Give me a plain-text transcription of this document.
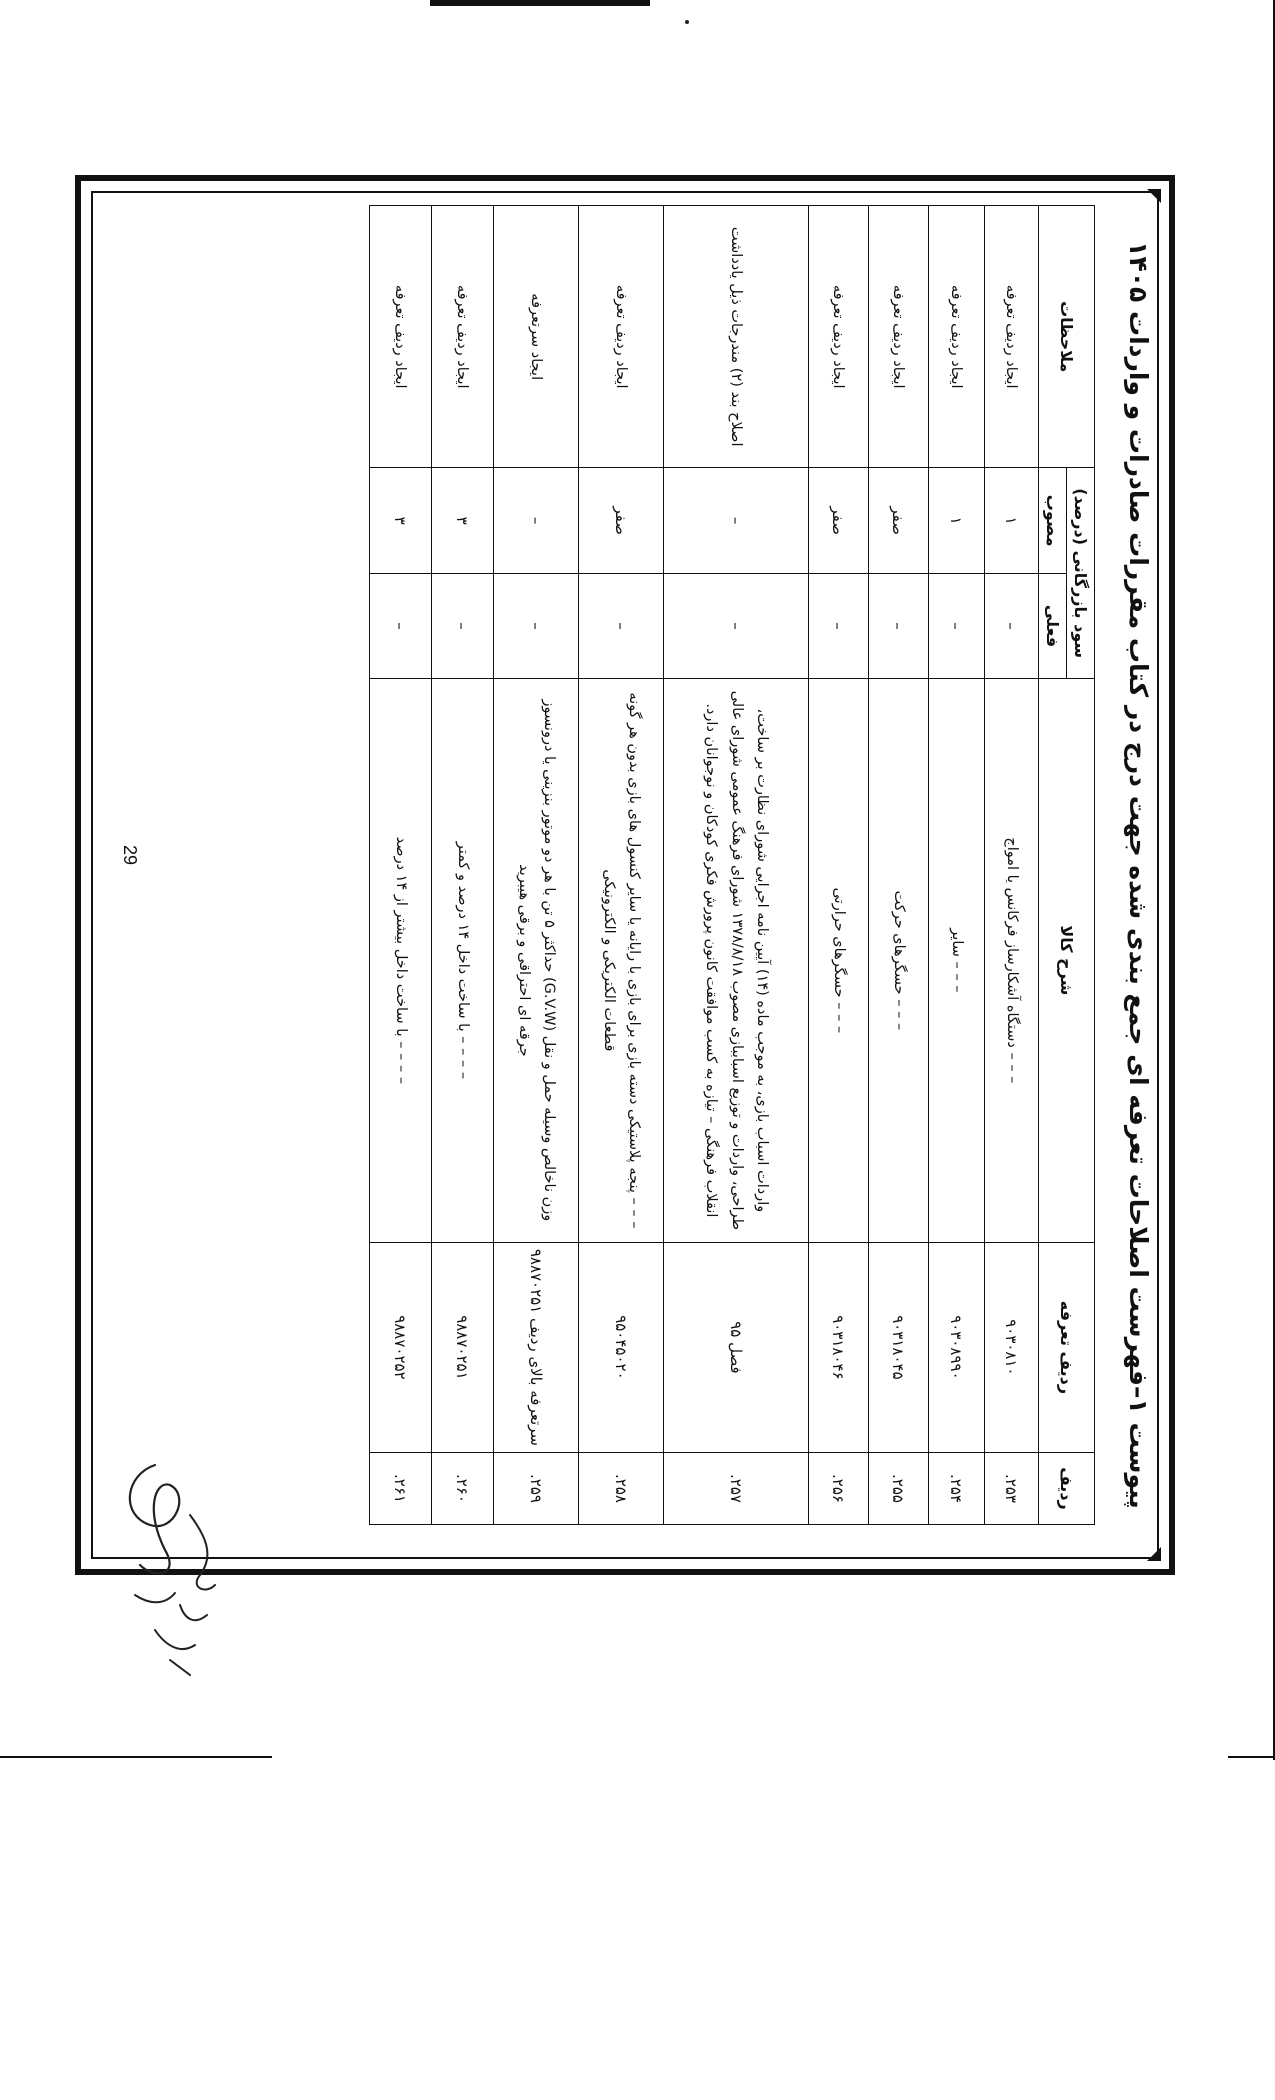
پیوست ۱–فهرست اصلاحات تعرفه ای جمع بندی شده جهت درج در کتاب مقررات صادرات و واردات ۱۴۰۵
ردیف	ردیف تعرفه	شرح کالا	سود بازرگانی (درصد)		ملاحظات
			فعلی	مصوب	
۲۵۳.	۹۰۳۰۸۱۰	– – – دستگاه آشکارساز فرکانس یا امواج	–	۱	ایجاد ردیف تعرفه
۲۵۴.	۹۰۳۰۸۹۹۰	– – – سایر	–	۱	ایجاد ردیف تعرفه
۲۵۵.	۹۰۳۱۸۰۴۵	– – – حسگرهای حرکت	–	صفر	ایجاد ردیف تعرفه
۲۵۶.	۹۰۳۱۸۰۴۶	– – – حسگرهای حرارتی	–	صفر	ایجاد ردیف تعرفه
۲۵۷.	فصل ۹۵	واردات اسباب بازی، به موجب ماده (۱۴) آیین نامه اجرایی شورای نظارت بر ساخت، طراحی، واردات و توزیع اسباببازی مصوب ۱۳۷۸/۸/۱۸ شورای فرهنگ عمومی شورای عالی انقلاب فرهنگی – تیازه به کسب موافقت کانون پرورش فکری کودکان و نوجوانان دارد.	–	–	اصلاح بند (۲) مندرجات ذیل یادداشت
۲۵۸.	۹۵۰۴۵۰۲۰	– – – پنجه پلاستیکی دسته بازی برای بازی با رایانه یا سایر کنسول های بازی بدون هر گونه قطعات الکتریکی و الکترونیکی	–	صفر	ایجاد ردیف تعرفه
۲۵۹.	سرتعرفه بالای ردیف ۹۸۸۷۰۲۵۱	وزن ناخالص وسیله حمل و نقل (G.V.W) حداکثر ۵ تن با هر دو موتور بنزینی یا درونسوز جرقه ای احتراقی و برقی هیبرید	–	–	ایجاد سرتعرفه
۲۶۰.	۹۸۸۷۰۲۵۱	– – – – با ساخت داخل ۱۴ درصد و کمتر	–	۳	ایجاد ردیف تعرفه
۲۶۱.	۹۸۸۷۰۲۵۲	– – – – با ساخت داخل بیشتر از ۱۴ درصد	–	۳	ایجاد ردیف تعرفه
29
